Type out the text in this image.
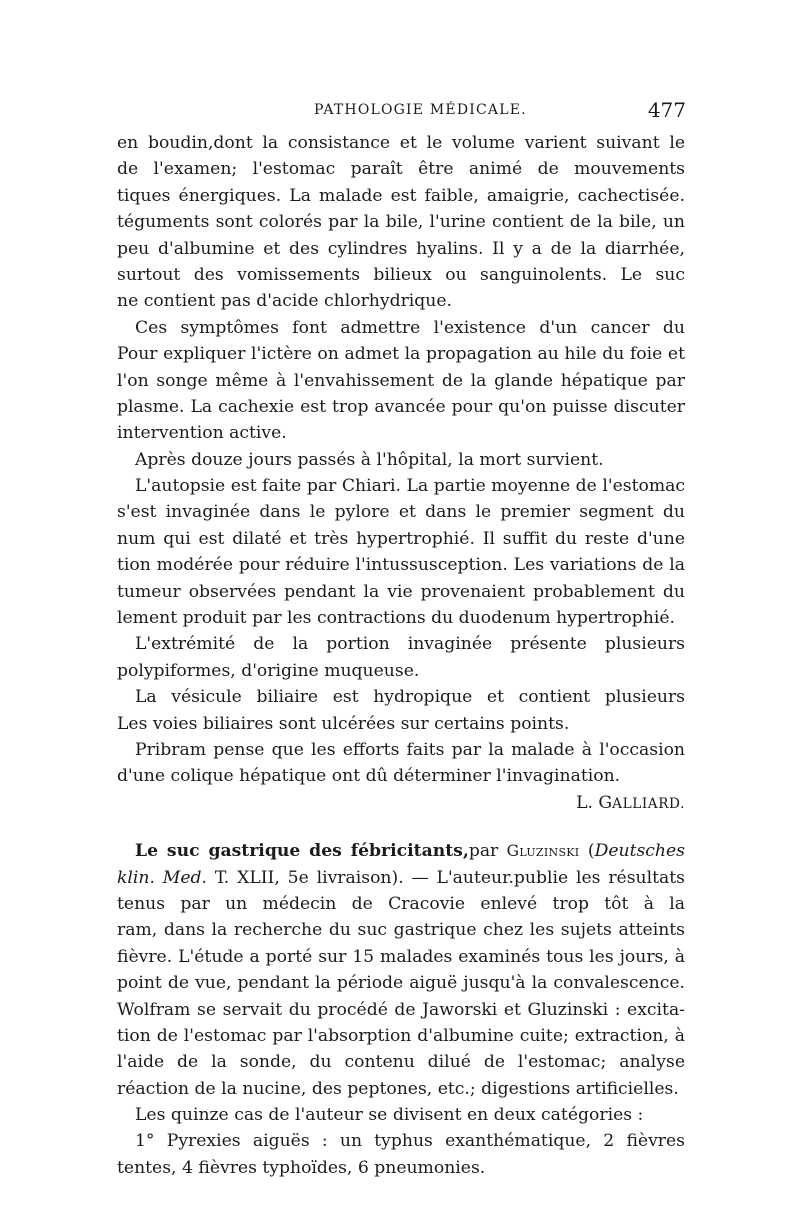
PATHOLOGIE MÉDICALE.	477
en boudin,dont la consistance et le volume varient suivant le
de l'examen; l'estomac paraît être animé de mouvements
tiques énergiques. La malade est faible, amaigrie, cachectisée.
téguments sont colorés par la bile, l'urine contient de la bile, un
peu d'albumine et des cylindres hyalins. Il y a de la diarrhée,
surtout des vomissements bilieux ou sanguinolents. Le suc
ne contient pas d'acide chlorhydrique.
Ces symptômes font admettre l'existence d'un cancer du
Pour expliquer l'ictère on admet la propagation au hile du foie et
l'on songe même à l'envahissement de la glande hépatique par
plasme. La cachexie est trop avancée pour qu'on puisse discuter
intervention active.
Après douze jours passés à l'hôpital, la mort survient.
L'autopsie est faite par Chiari. La partie moyenne de l'estomac
s'est invaginée dans le pylore et dans le premier segment du
num qui est dilaté et très hypertrophié. Il suffit du reste d'une
tion modérée pour réduire l'intussusception. Les variations de la
tumeur observées pendant la vie provenaient probablement du
lement produit par les contractions du duodenum hypertrophié.
L'extrémité de la portion invaginée présente plusieurs
polypiformes, d'origine muqueuse.
La vésicule biliaire est hydropique et contient plusieurs
Les voies biliaires sont ulcérées sur certains points.
Pribram pense que les efforts faits par la malade à l'occasion
d'une colique hépatique ont dû déterminer l'invagination.
L. GALLIARD.
Le suc gastrique des fébricitants,par Gluzinski (Deutsches
klin. Med. T. XLII, 5e livraison). — L'auteur.publie les résultats
tenus par un médecin de Cracovie enlevé trop tôt à la
ram, dans la recherche du suc gastrique chez les sujets atteints
fièvre. L'étude a porté sur 15 malades examinés tous les jours, à
point de vue, pendant la période aiguë jusqu'à la convalescence.
Wolfram se servait du procédé de Jaworski et Gluzinski : excita-
tion de l'estomac par l'absorption d'albumine cuite; extraction, à
l'aide de la sonde, du contenu dilué de l'estomac; analyse
réaction de la nucine, des peptones, etc.; digestions artificielles.
Les quinze cas de l'auteur se divisent en deux catégories :
1° Pyrexies aiguës : un typhus exanthématique, 2 fièvres
tentes, 4 fièvres typhoïdes, 6 pneumonies.
